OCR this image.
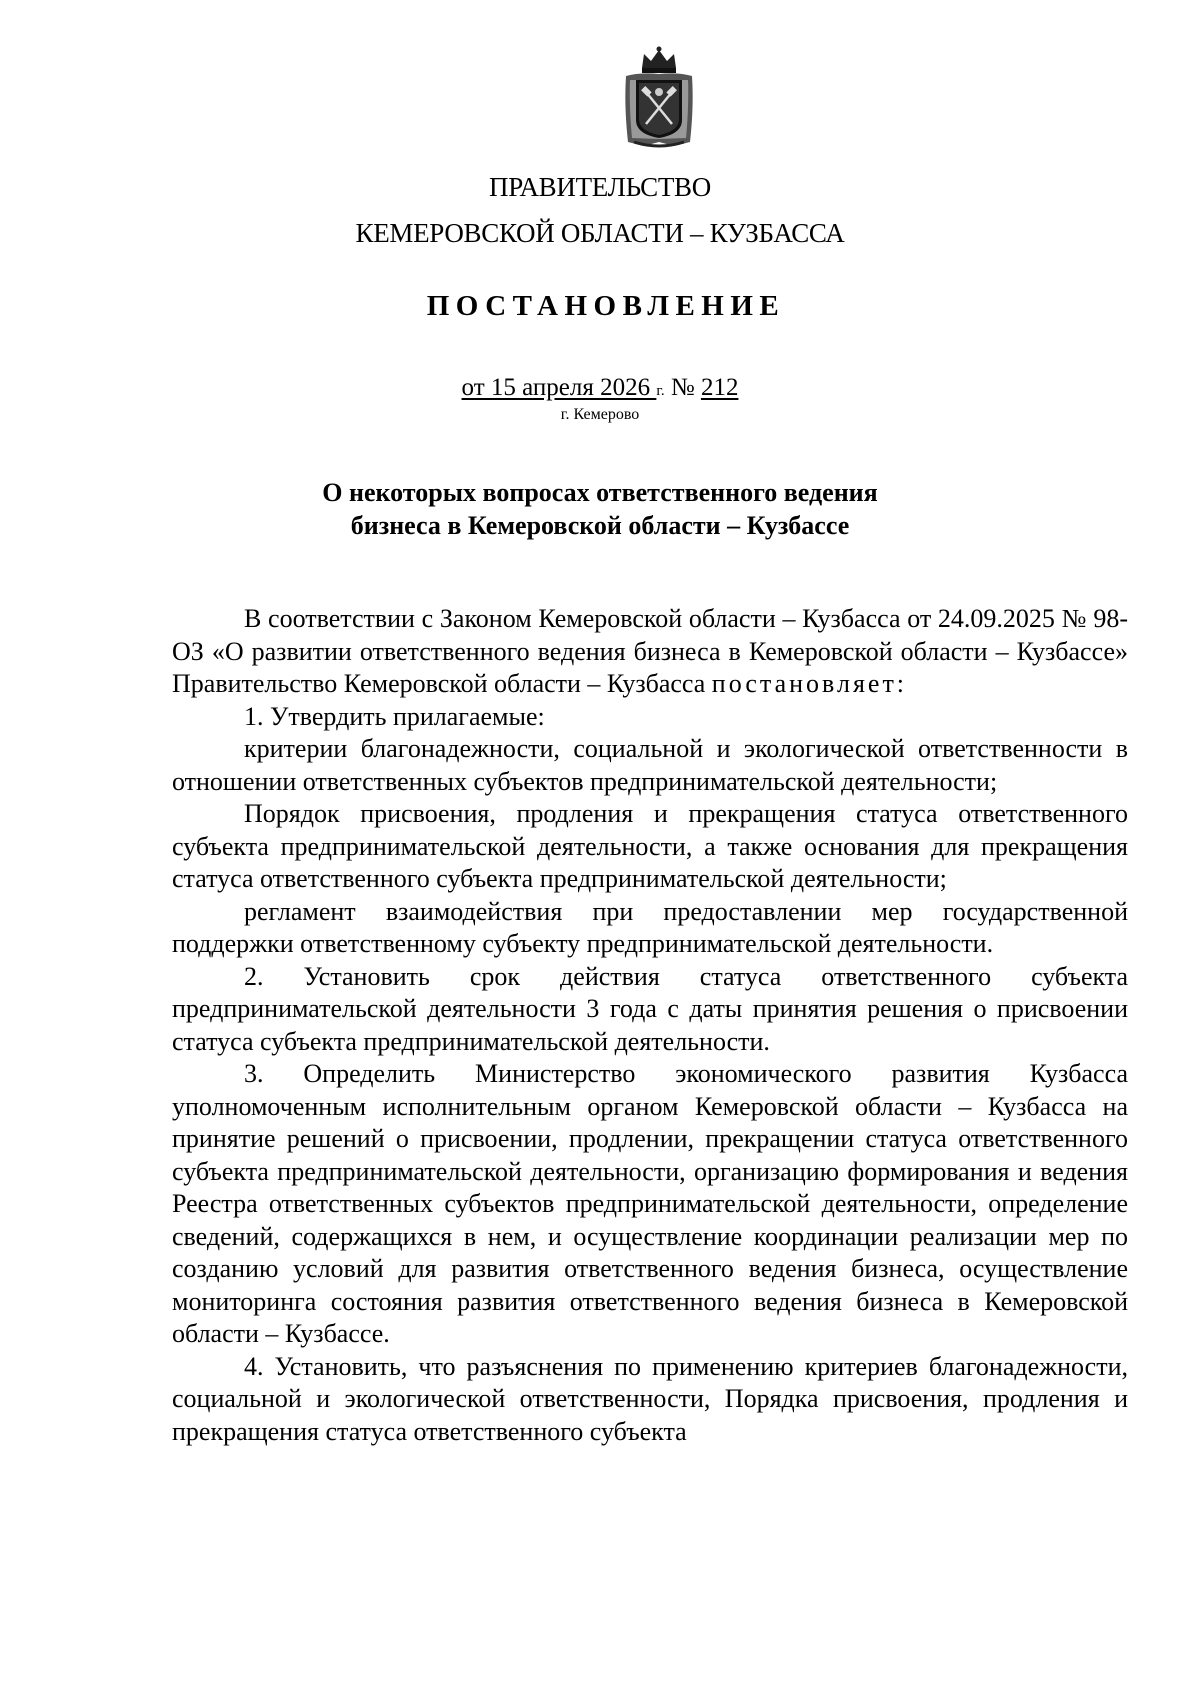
ПРАВИТЕЛЬСТВО
КЕМЕРОВСКОЙ ОБЛАСТИ – КУЗБАССА
ПОСТАНОВЛЕНИЕ
от 15 апреля 2026 г. № 212
г. Кемерово
О некоторых вопросах ответственного ведения
бизнеса в Кемеровской области – Кузбассе

В соответствии с Законом Кемеровской области – Кузбасса от 24.09.2025 № 98-ОЗ «О развитии ответственного ведения бизнеса в Кемеровской области – Кузбассе» Правительство Кемеровской области – Кузбасса постановляет:

1. Утвердить прилагаемые:

критерии благонадежности, социальной и экологической ответственности в отношении ответственных субъектов предпринимательской деятельности;

Порядок присвоения, продления и прекращения статуса ответственного субъекта предпринимательской деятельности, а также основания для прекращения статуса ответственного субъекта предпринимательской деятельности;

регламент взаимодействия при предоставлении мер государственной поддержки ответственному субъекту предпринимательской деятельности.

2. Установить срок действия статуса ответственного субъекта предпринимательской деятельности 3 года с даты принятия решения о присвоении статуса субъекта предпринимательской деятельности.

3. Определить Министерство экономического развития Кузбасса уполномоченным исполнительным органом Кемеровской области – Кузбасса на принятие решений о присвоении, продлении, прекращении статуса ответственного субъекта предпринимательской деятельности, организацию формирования и ведения Реестра ответственных субъектов предпринимательской деятельности, определение сведений, содержащихся в нем, и осуществление координации реализации мер по созданию условий для развития ответственного ведения бизнеса, осуществление мониторинга состояния развития ответственного ведения бизнеса в Кемеровской области – Кузбассе.

4. Установить, что разъяснения по применению критериев благонадежности, социальной и экологической ответственности, Порядка присвоения, продления и прекращения статуса ответственного субъекта
